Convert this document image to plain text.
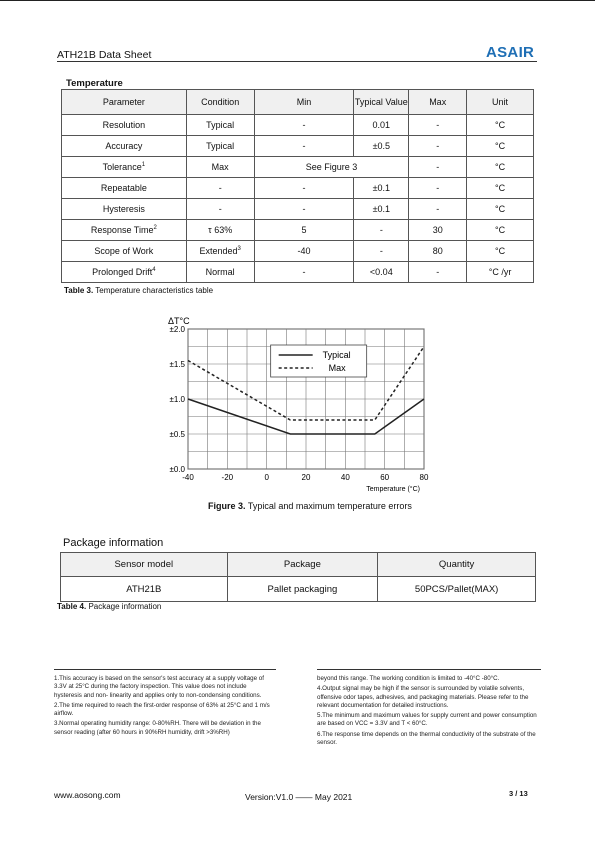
ATH21B Data Sheet	ASAIR
Temperature
Parameter	Condition	Min	Typical Value	Max	Unit
Resolution	Typical	-	0.01	-	°C
Accuracy	Typical	-	±0.5	-	°C
Tolerance$^1$	Max	See Figure 3		-	°C
Repeatable	-	-	±0.1	-	°C
Hysteresis	-	-	±0.1	-	°C
Response Time$^2$	τ 63%	5	-	30	°C
Scope of Work	Extended$^3$	-40	-	80	°C
Prolonged Drift$^4$	Normal	-	<0.04	-	°C /yr
Table 3. Temperature characteristics table
-40	-20	0	20	40	60	80
±0.0
±0.5
±1.0
±1.5
±2.0
ΔT°C
Temperature (°C)
Typical
Max
Figure 3. Typical and maximum temperature errors
Package information
Sensor model	Package	Quantity
ATH21B	Pallet packaging	50PCS/Pallet(MAX)
Table 4. Package information

1.This accuracy is based on the sensor's test accuracy at a supply voltage of 3.3V at 25°C during the factory inspection. This value does not include hysteresis and non- linearity and applies only to non-condensing conditions.

2.The time required to reach the first-order response of 63% at 25°C and 1 m/s airflow.

3.Normal operating humidity range: 0-80%RH. There will be deviation in the sensor reading (after 60 hours in 90%RH humidity, drift >3%RH)

beyond this range. The working condition is limited to -40°C -80°C.

4.Output signal may be high if the sensor is surrounded by volatile solvents, offensive odor tapes, adhesives, and packaging materials. Please refer to the relevant documentation for detailed instructions.

5.The minimum and maximum values for supply current and power consumption are based on VCC = 3.3V and T < 60°C.

6.The response time depends on the thermal conductivity of the substrate of the sensor.

www.aosong.com	Version:V1.0 —— May 2021	3 / 13
